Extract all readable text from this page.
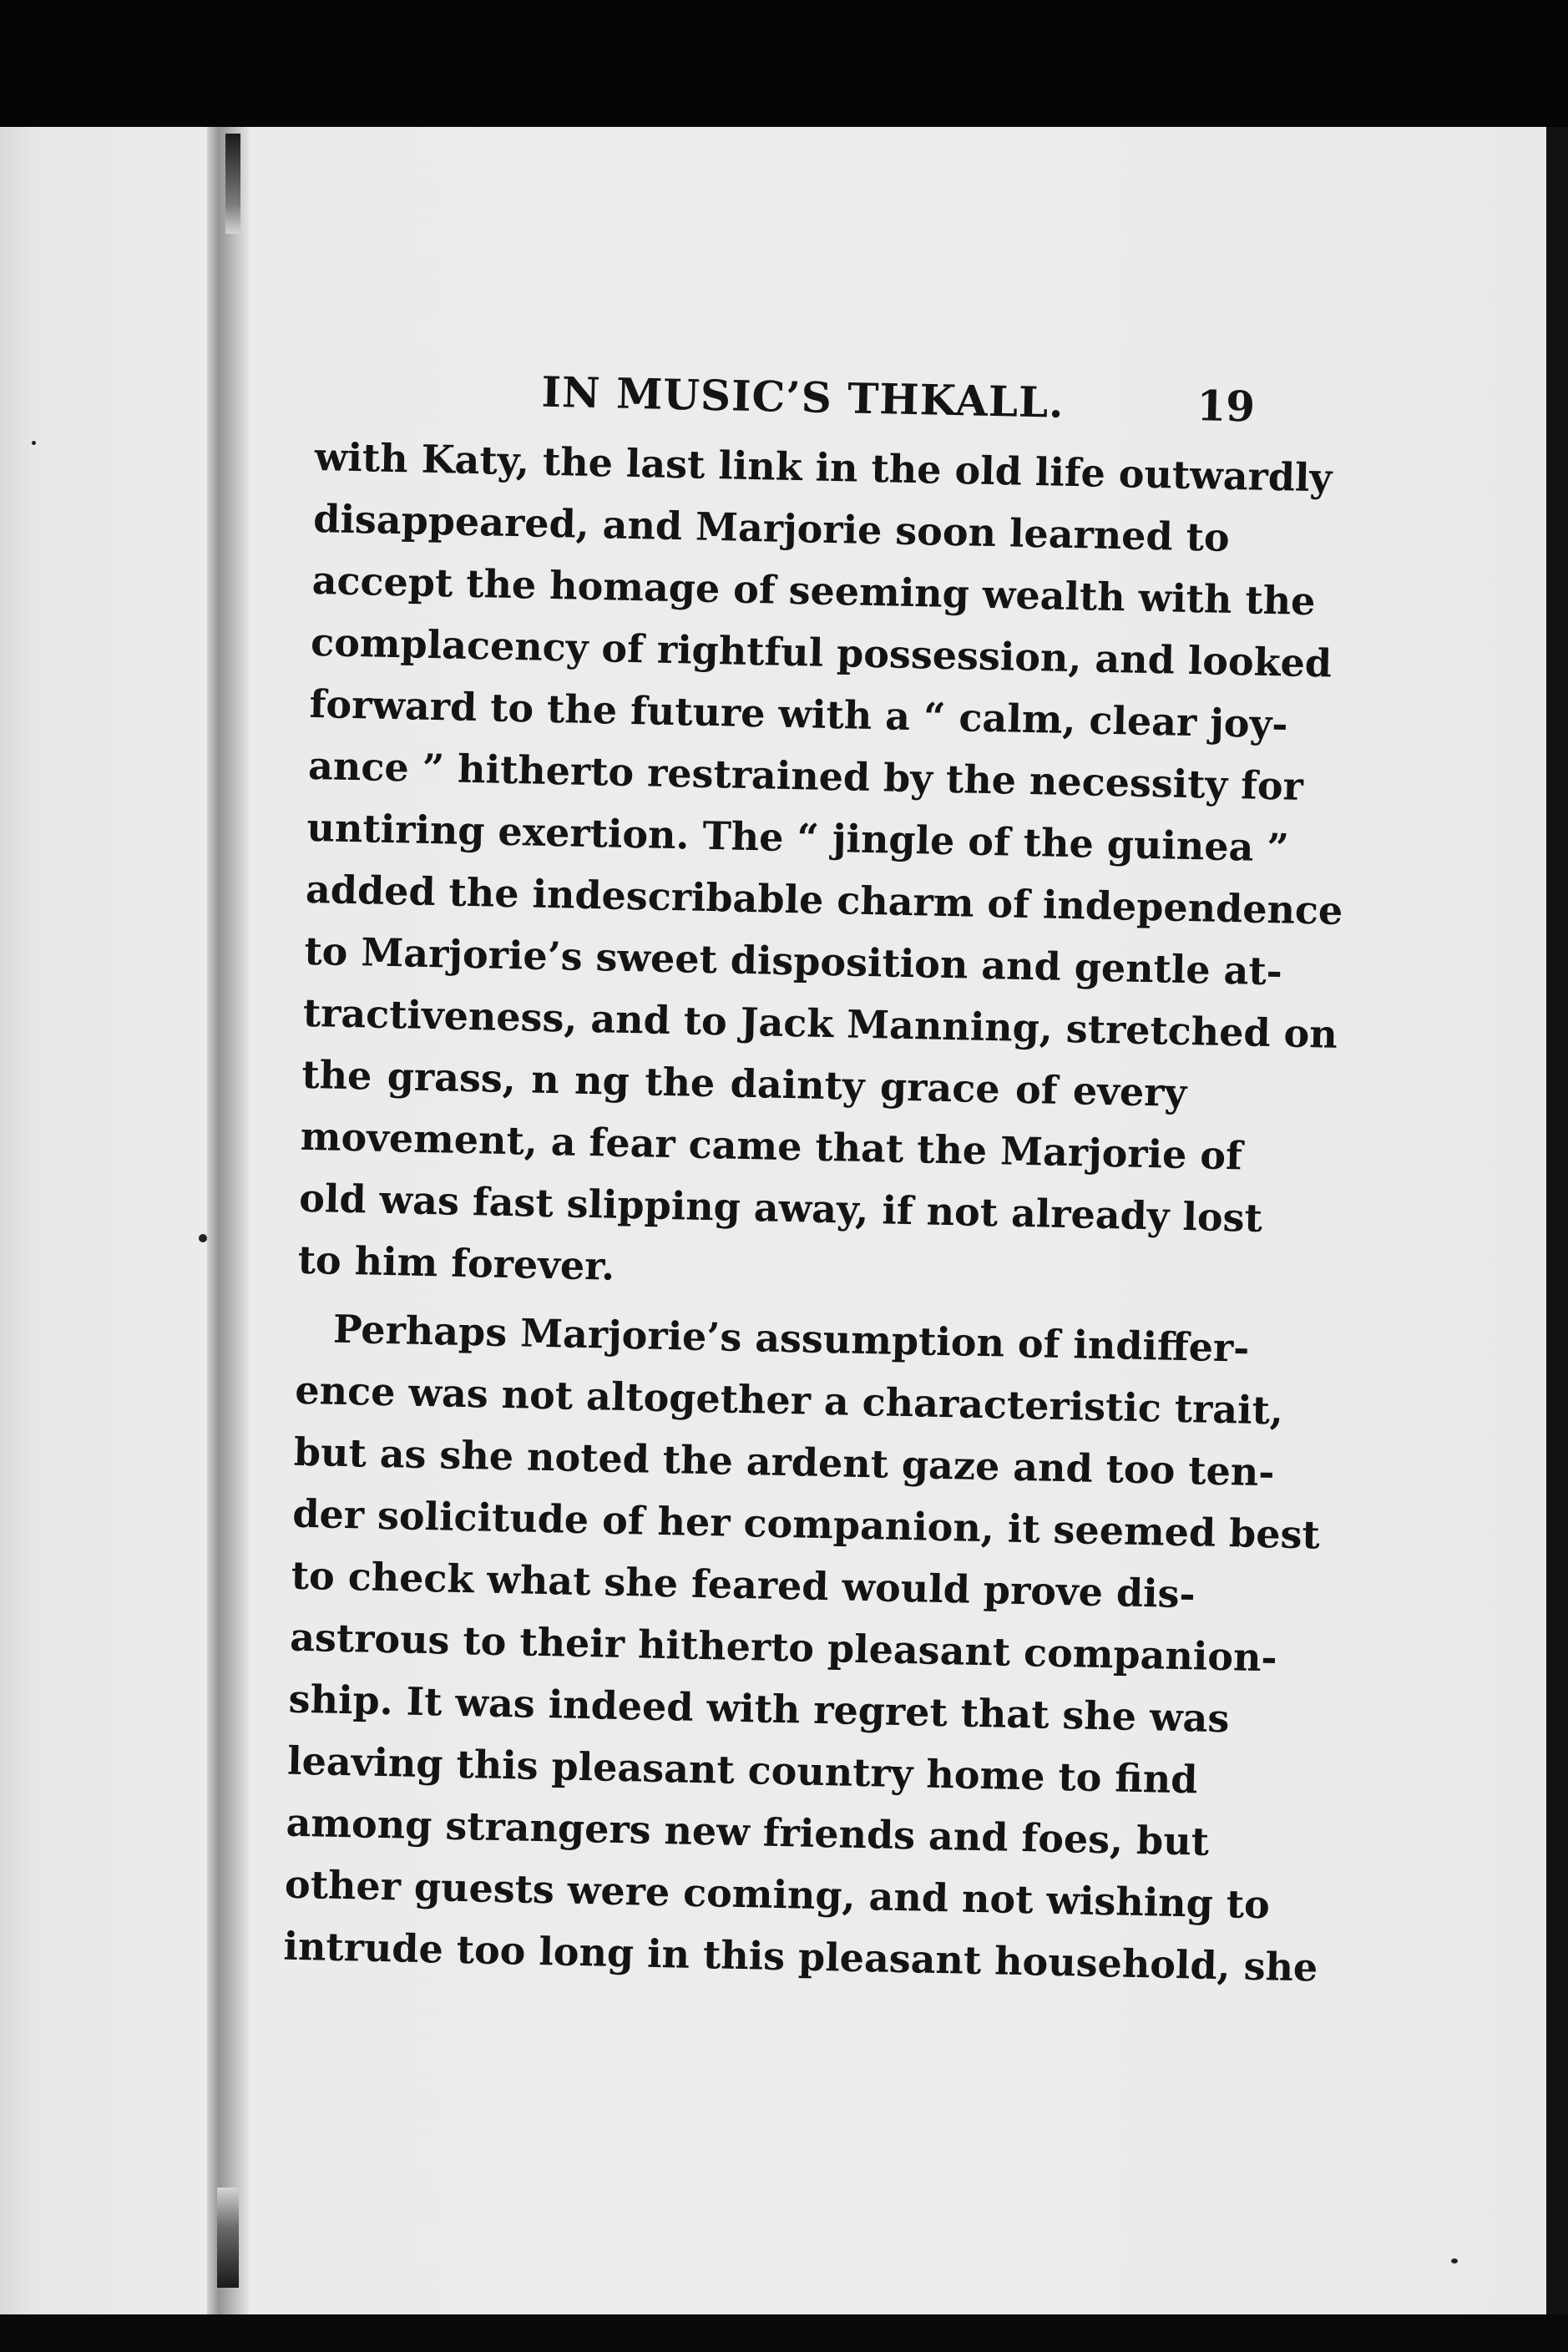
IN MUSIC’S THKALL.	19
with Katy, the last link in the old life outwardly
disappeared, and Marjorie soon learned to
accept the homage of seeming wealth with the
complacency of rightful possession, and looked
forward to the future with a “ calm, clear joy-
ance ” hitherto restrained by the necessity for
untiring exertion. The “ jingle of the guinea ”
added the indescribable charm of independence
to Marjorie’s sweet disposition and gentle at-
tractiveness, and to Jack Manning, stretched on
the grass, n ng the dainty grace of every
movement, a fear came that the Marjorie of
old was fast slipping away, if not already lost
to him forever.
Perhaps Marjorie’s assumption of indiffer-
ence was not altogether a characteristic trait,
but as she noted the ardent gaze and too ten-
der solicitude of her companion, it seemed best
to check what she feared would prove dis-
astrous to their hitherto pleasant companion-
ship. It was indeed with regret that she was
leaving this pleasant country home to find
among strangers new friends and foes, but
other guests were coming, and not wishing to
intrude too long in this pleasant household, she
